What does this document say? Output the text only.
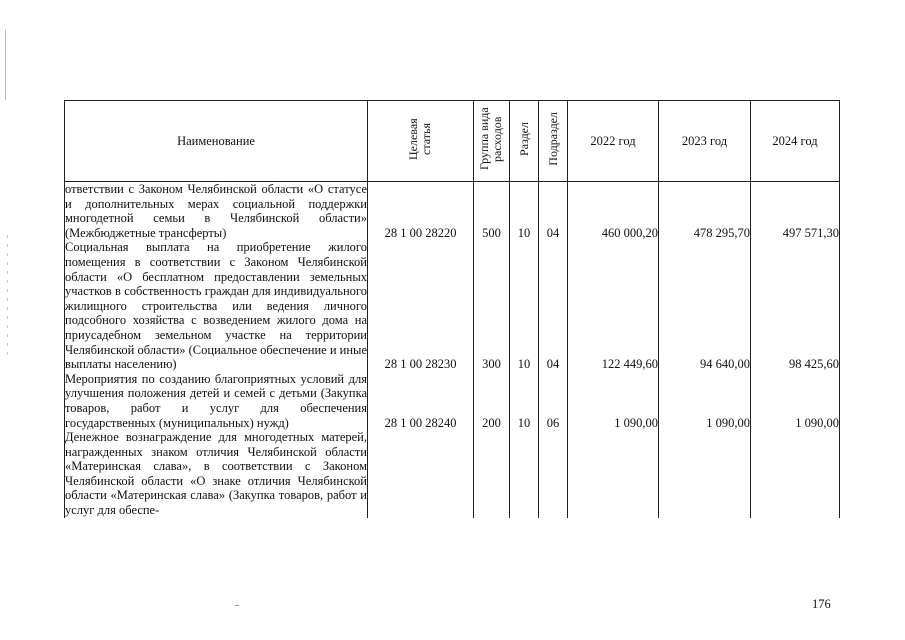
Наименование	Целевая статья	Группа вида расходов	Раздел	Подраздел	2022 год	2023 год	2024 год
ответствии с Законом Челябинской области «О статусе и дополнительных мерах социальной поддержки многодетной семьи в Челябинской области» (Межбюджетные трансферты)	28 1 00 28220	500	10	04	460 000,20	478 295,70	497 571,30
Социальная выплата на приобретение жилого помещения в соответствии с Законом Челябинской области «О бесплатном предоставлении земельных участков в собственность граждан для индивидуального жилищного строительства или ведения личного подсобного хозяйства с возведением жилого дома на приусадебном земельном участке на территории Челябинской области» (Социальное обеспечение и иные выплаты населению)	28 1 00 28230	300	10	04	122 449,60	94 640,00	98 425,60
Мероприятия по созданию благоприятных условий для улучшения положения детей и семей с детьми (Закупка товаров, работ и услуг для обеспечения государственных (муниципальных) нужд)	28 1 00 28240	200	10	06	1 090,00	1 090,00	1 090,00
Денежное вознаграждение для многодетных матерей, награжденных знаком отличия Челябинской области «Материнская слава», в соответствии с Законом Челябинской области «О знаке отличия Челябинской области «Материнская слава» (Закупка товаров, работ и услуг для обеспе-							
176
